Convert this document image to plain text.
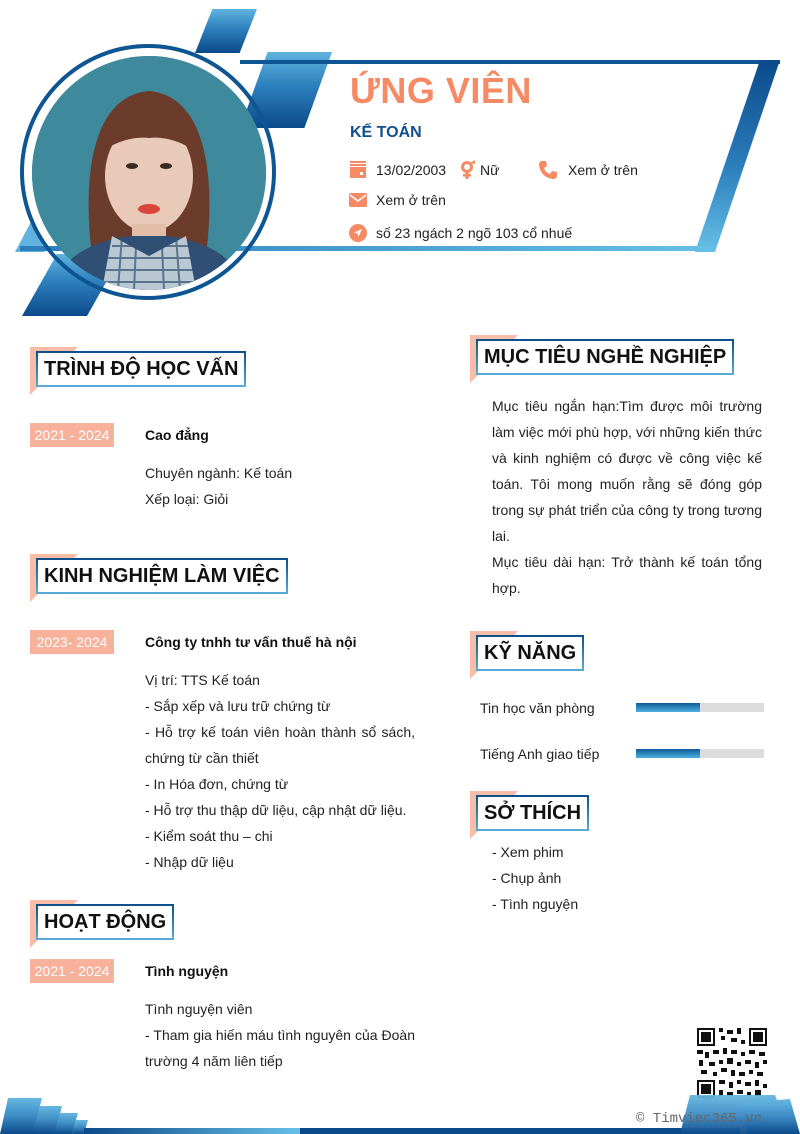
ỨNG VIÊN
KẾ TOÁN
13/02/2003 Nữ	Xem ở trên
Xem ở trên
số 23 ngách 2 ngõ 103 cổ nhuế
TRÌNH ĐỘ HỌC VẤN
2021 - 2024	Cao đẳng
Chuyên ngành: Kế toán
Xếp loại: Giỏi
KINH NGHIỆM LÀM VIỆC
2023- 2024	Công ty tnhh tư vấn thuế hà nội
Vị trí: TTS Kế toán
- Sắp xếp và lưu trữ chứng từ
- Hỗ trợ kế toán viên hoàn thành sổ sách, chứng từ cần thiết
- In Hóa đơn, chứng từ
- Hỗ trợ thu thập dữ liệu, cập nhật dữ liệu.
- Kiểm soát thu – chi
- Nhập dữ liệu
HOẠT ĐỘNG
2021 - 2024	Tình nguyện
Tình nguyện viên
- Tham gia hiến máu tình nguyên của Đoàn trường 4 năm liên tiếp
MỤC TIÊU NGHỀ NGHIỆP
Mục tiêu ngắn hạn:Tìm được môi trường làm việc mới phù hợp, với những kiến thức và kinh nghiệm có được về công việc kế toán. Tôi mong muốn rằng sẽ đóng góp trong sự phát triển của công ty trong tương lai.
Mục tiêu dài hạn: Trở thành kế toán tổng hợp.
KỸ NĂNG
Tin học văn phòng
Tiếng Anh giao tiếp
SỞ THÍCH
- Xem phim
- Chụp ảnh
- Tình nguyện
© Timviec365.vn
